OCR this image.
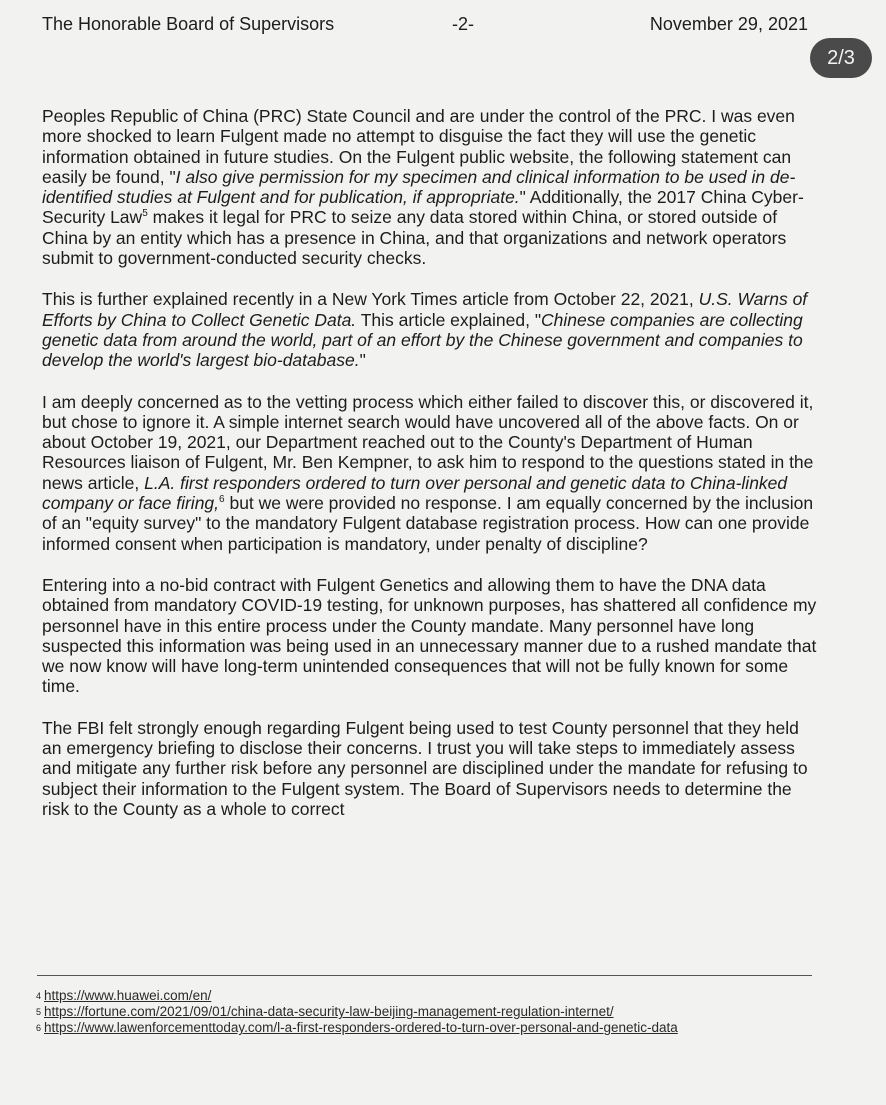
The Honorable Board of Supervisors	-2-	November 29, 2021
2/3

Peoples Republic of China (PRC) State Council and are under the control of the PRC. I was even more shocked to learn Fulgent made no attempt to disguise the fact they will use the genetic information obtained in future studies. On the Fulgent public website, the following statement can easily be found, "I also give permission for my specimen and clinical information to be used in de-identified studies at Fulgent and for publication, if appropriate." Additionally, the 2017 China Cyber-Security Law$^5$ makes it legal for PRC to seize any data stored within China, or stored outside of China by an entity which has a presence in China, and that organizations and network operators submit to government-conducted security checks.

This is further explained recently in a New York Times article from October 22, 2021, U.S. Warns of Efforts by China to Collect Genetic Data. This article explained, "Chinese companies are collecting genetic data from around the world, part of an effort by the Chinese government and companies to develop the world's largest bio-database."

I am deeply concerned as to the vetting process which either failed to discover this, or discovered it, but chose to ignore it. A simple internet search would have uncovered all of the above facts. On or about October 19, 2021, our Department reached out to the County's Department of Human Resources liaison of Fulgent, Mr. Ben Kempner, to ask him to respond to the questions stated in the news article, L.A. first responders ordered to turn over personal and genetic data to China-linked company or face firing,$^6$ but we were provided no response. I am equally concerned by the inclusion of an "equity survey" to the mandatory Fulgent database registration process. How can one provide informed consent when participation is mandatory, under penalty of discipline?

Entering into a no-bid contract with Fulgent Genetics and allowing them to have the DNA data obtained from mandatory COVID-19 testing, for unknown purposes, has shattered all confidence my personnel have in this entire process under the County mandate. Many personnel have long suspected this information was being used in an unnecessary manner due to a rushed mandate that we now know will have long-term unintended consequences that will not be fully known for some time.

The FBI felt strongly enough regarding Fulgent being used to test County personnel that they held an emergency briefing to disclose their concerns. I trust you will take steps to immediately assess and mitigate any further risk before any personnel are disciplined under the mandate for refusing to subject their information to the Fulgent system. The Board of Supervisors needs to determine the risk to the County as a whole to correct

$^4$ https://www.huawei.com/en/

$^5$ https://fortune.com/2021/09/01/china-data-security-law-beijing-management-regulation-internet/

$^6$ https://www.lawenforcementtoday.com/l-a-first-responders-ordered-to-turn-over-personal-and-genetic-data
